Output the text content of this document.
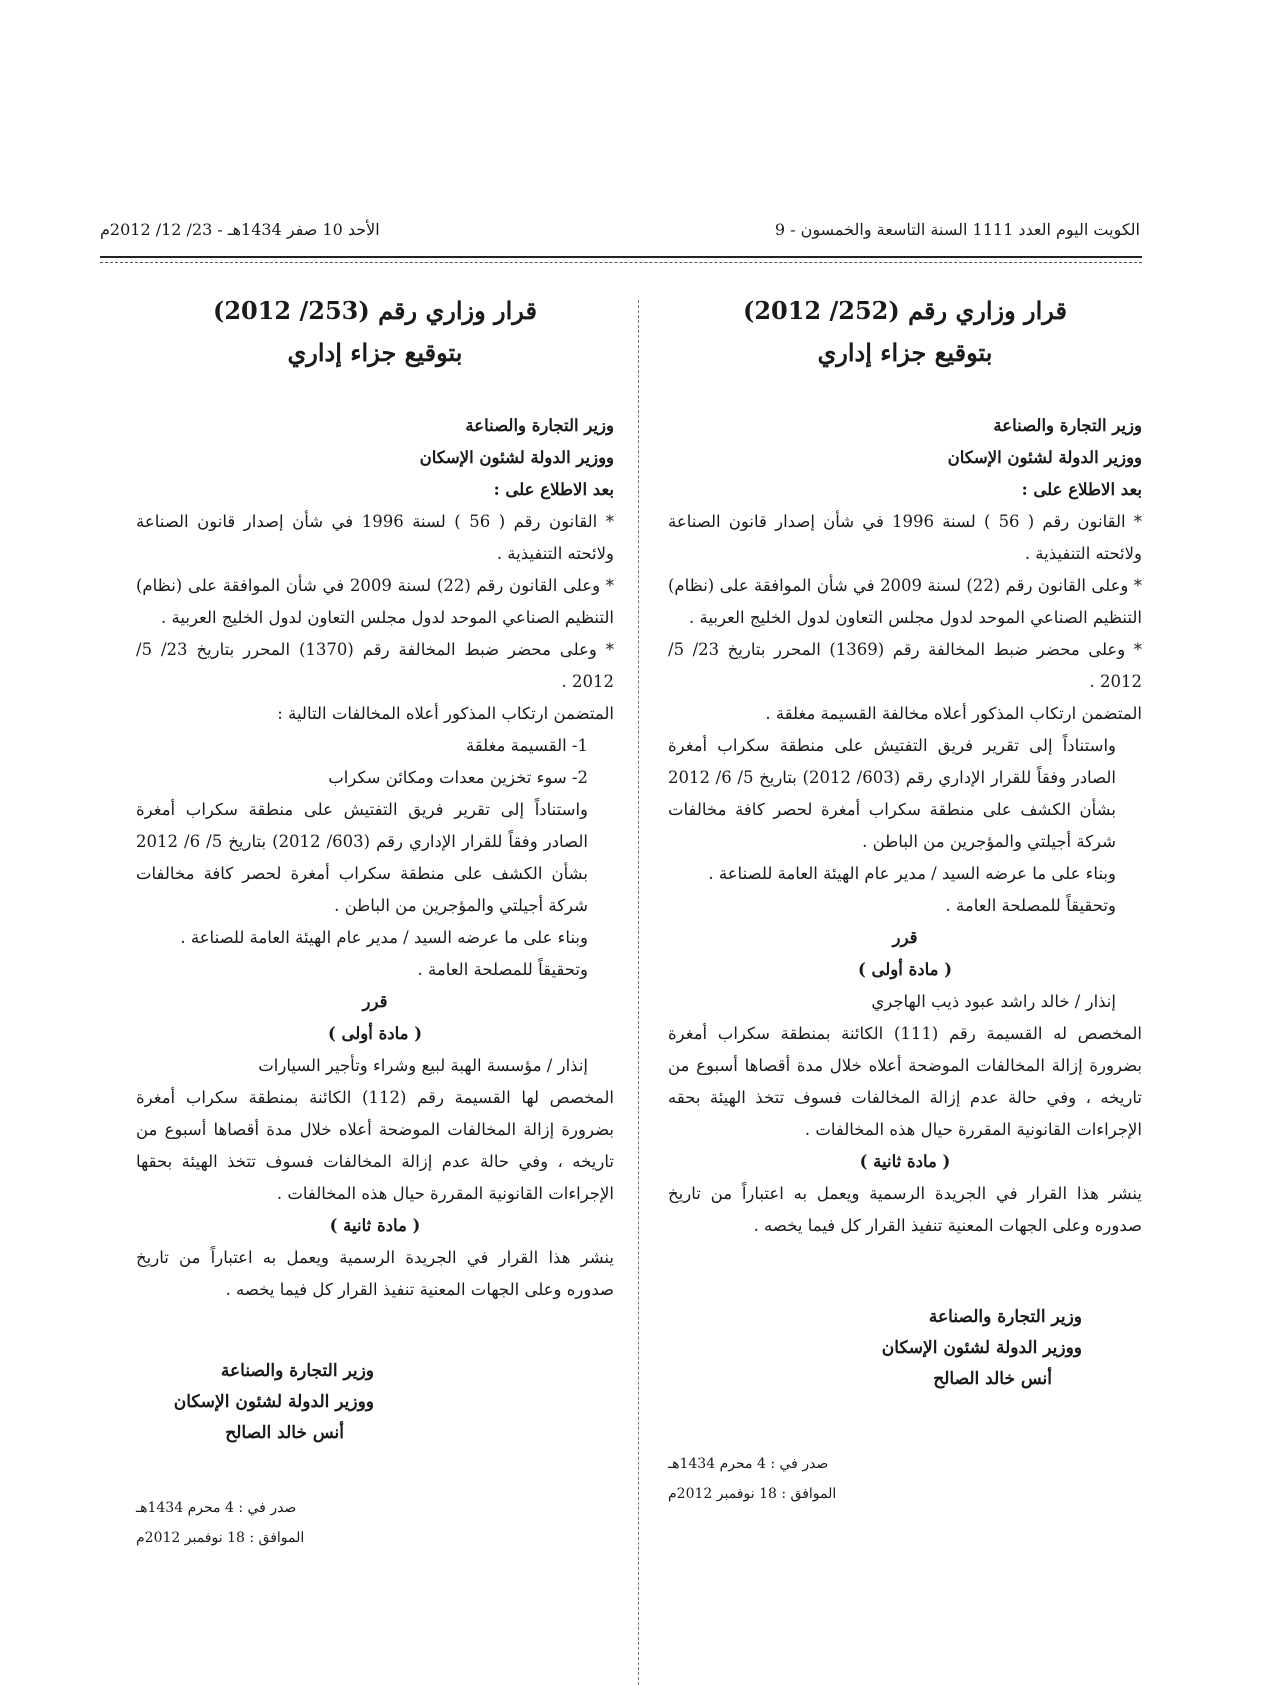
الكويت اليوم العدد 1111 السنة التاسعة والخمسون - 9
الأحد 10 صفر 1434هـ - 23/ 12/ 2012م

قرار وزاري رقم (252/ 2012)

بتوقيع جزاء إداري

وزير التجارة والصناعة

ووزير الدولة لشئون الإسكان

بعد الاطلاع على :

* القانون رقم ( 56 ) لسنة 1996 في شأن إصدار قانون الصناعة ولائحته التنفيذية .

* وعلى القانون رقم (22) لسنة 2009 في شأن الموافقة على (نظام) التنظيم الصناعي الموحد لدول مجلس التعاون لدول الخليج العربية .

* وعلى محضر ضبط المخالفة رقم (1369) المحرر بتاريخ 23/ 5/ 2012 .

المتضمن ارتكاب المذكور أعلاه مخالفة القسيمة مغلقة .

واستناداً إلى تقرير فريق التفتيش على منطقة سكراب أمغرة الصادر وفقاً للقرار الإداري رقم (603/ 2012) بتاريخ 5/ 6/ 2012 بشأن الكشف على منطقة سكراب أمغرة لحصر كافة مخالفات شركة أجيلتي والمؤجرين من الباطن .

وبناء على ما عرضه السيد / مدير عام الهيئة العامة للصناعة .

وتحقيقاً للمصلحة العامة .

قرر

( مادة أولى )

إنذار / خالد راشد عبود ذيب الهاجري

المخصص له القسيمة رقم (111) الكائنة بمنطقة سكراب أمغرة بضرورة إزالة المخالفات الموضحة أعلاه خلال مدة أقصاها أسبوع من تاريخه ، وفي حالة عدم إزالة المخالفات فسوف تتخذ الهيئة بحقه الإجراءات القانونية المقررة حيال هذه المخالفات .

( مادة ثانية )

ينشر هذا القرار في الجريدة الرسمية ويعمل به اعتباراً من تاريخ صدوره وعلى الجهات المعنية تنفيذ القرار كل فيما يخصه .

وزير التجارة والصناعة

ووزير الدولة لشئون الإسكان

أنس خالد الصالح

صدر في : 4 محرم 1434هـ

الموافق : 18 نوفمبر 2012م

قرار وزاري رقم (253/ 2012)

بتوقيع جزاء إداري

وزير التجارة والصناعة

ووزير الدولة لشئون الإسكان

بعد الاطلاع على :

* القانون رقم ( 56 ) لسنة 1996 في شأن إصدار قانون الصناعة ولائحته التنفيذية .

* وعلى القانون رقم (22) لسنة 2009 في شأن الموافقة على (نظام) التنظيم الصناعي الموحد لدول مجلس التعاون لدول الخليج العربية .

* وعلى محضر ضبط المخالفة رقم (1370) المحرر بتاريخ 23/ 5/ 2012 .

المتضمن ارتكاب المذكور أعلاه المخالفات التالية :

1- القسيمة مغلقة

2- سوء تخزين معدات ومكائن سكراب

واستناداً إلى تقرير فريق التفتيش على منطقة سكراب أمغرة الصادر وفقاً للقرار الإداري رقم (603/ 2012) بتاريخ 5/ 6/ 2012 بشأن الكشف على منطقة سكراب أمغرة لحصر كافة مخالفات شركة أجيلتي والمؤجرين من الباطن .

وبناء على ما عرضه السيد / مدير عام الهيئة العامة للصناعة .

وتحقيقاً للمصلحة العامة .

قرر

( مادة أولى )

إنذار / مؤسسة الهبة لبيع وشراء وتأجير السيارات

المخصص لها القسيمة رقم (112) الكائنة بمنطقة سكراب أمغرة بضرورة إزالة المخالفات الموضحة أعلاه خلال مدة أقصاها أسبوع من تاريخه ، وفي حالة عدم إزالة المخالفات فسوف تتخذ الهيئة بحقها الإجراءات القانونية المقررة حيال هذه المخالفات .

( مادة ثانية )

ينشر هذا القرار في الجريدة الرسمية ويعمل به اعتباراً من تاريخ صدوره وعلى الجهات المعنية تنفيذ القرار كل فيما يخصه .

وزير التجارة والصناعة

ووزير الدولة لشئون الإسكان

أنس خالد الصالح

صدر في : 4 محرم 1434هـ

الموافق : 18 نوفمبر 2012م
